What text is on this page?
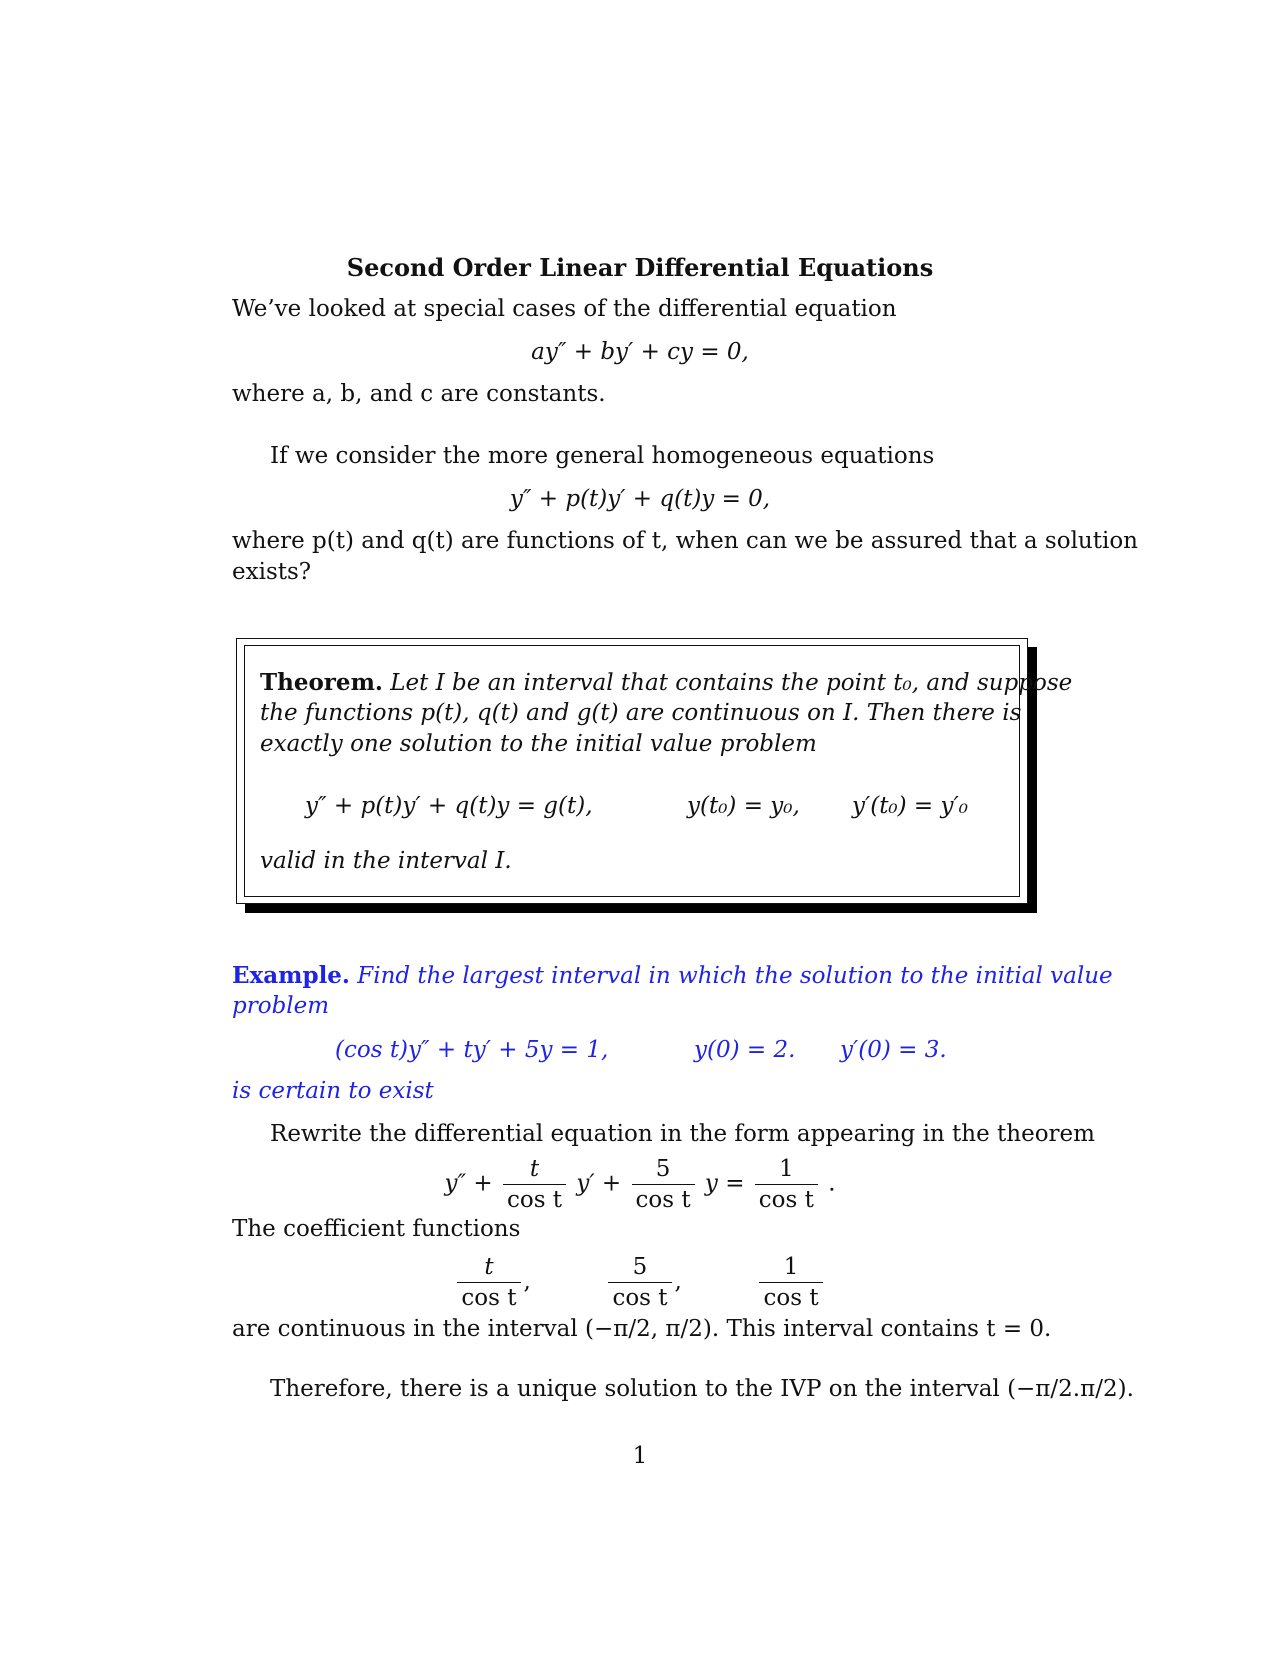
Second Order Linear Differential Equations
We’ve looked at special cases of the differential equation
ay″ + by′ + cy = 0,
where a, b, and c are constants.
If we consider the more general homogeneous equations
y″ + p(t)y′ + q(t)y = 0,
where p(t) and q(t) are functions of t, when can we be assured that a solution
exists?
Theorem. Let I be an interval that contains the point t₀, and suppose
the functions p(t), q(t) and g(t) are continuous on I. Then there is
exactly one solution to the initial value problem
y″ + p(t)y′ + q(t)y = g(t),	y(t₀) = y₀, y′(t₀) = y′₀
valid in the interval I.
Example. Find the largest interval in which the solution to the initial value
problem
(cos t)y″ + ty′ + 5y = 1,	y(0) = 2. y′(0) = 3.
is certain to exist
Rewrite the differential equation in the form appearing in the theorem
$y'' + \frac{t}{\text{cos t}} y' + \frac{5}{\text{cos t}}$ $y = \frac{1}{\text{cos t}}$ .
The coefficient functions
$\frac{t}{\text{cos t}}$ ,	$\frac{5}{\text{cos t}}$ ,	$\frac{1}{\text{cos t}}$
are continuous in the interval (−π/2, π/2). This interval contains t = 0.
Therefore, there is a unique solution to the IVP on the interval (−π/2.π/2).
1
